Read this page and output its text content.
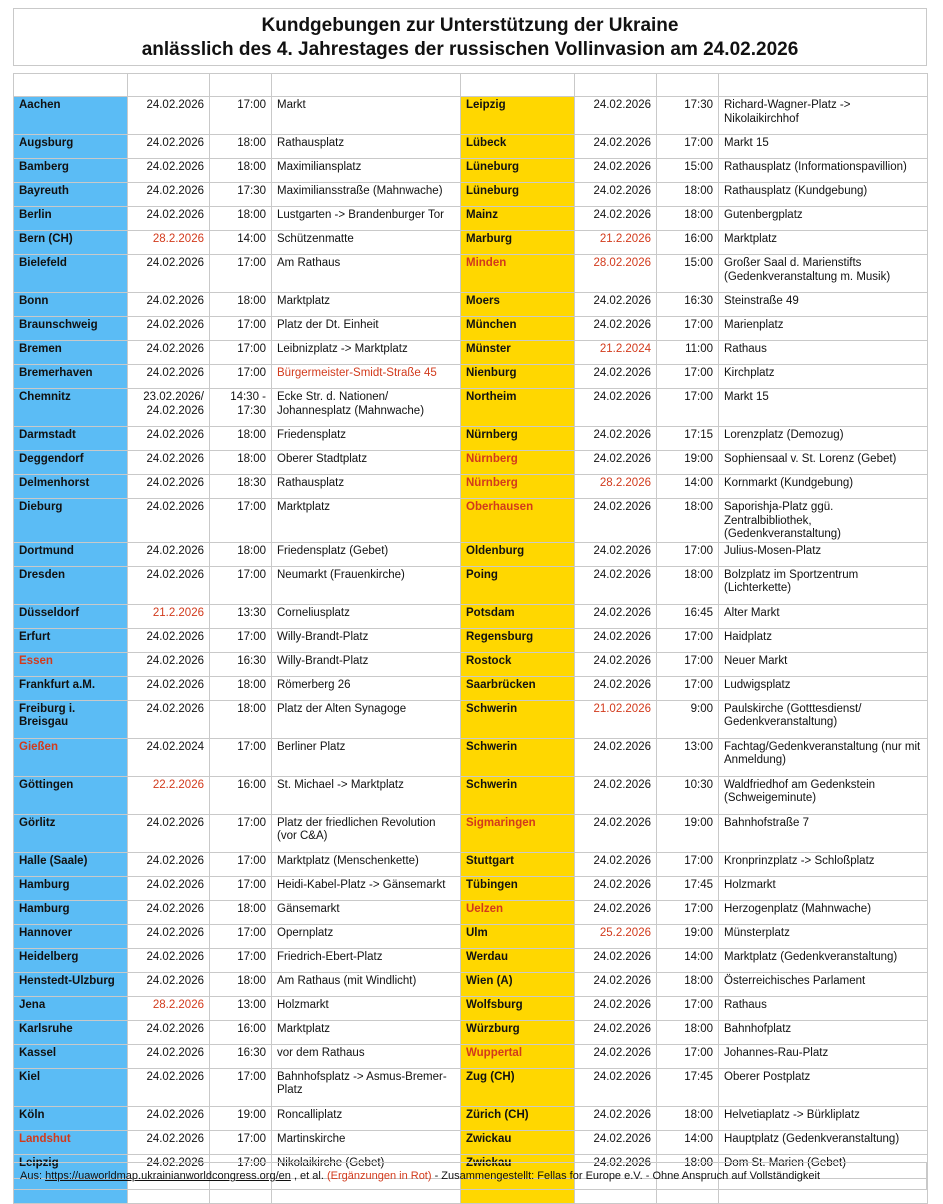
Kundgebungen zur Unterstützung der Ukraine
anlässlich des 4. Jahrestages der russischen Vollinvasion am 24.02.2026

Aachen	24.02.2026	17:00	Markt	Leipzig	24.02.2026	17:30	Richard-Wagner-Platz -> Nikolaikirchhof
Augsburg	24.02.2026	18:00	Rathausplatz	Lübeck	24.02.2026	17:00	Markt 15
Bamberg	24.02.2026	18:00	Maximiliansplatz	Lüneburg	24.02.2026	15:00	Rathausplatz (Informationspavillion)
Bayreuth	24.02.2026	17:30	Maximiliansstraße (Mahnwache)	Lüneburg	24.02.2026	18:00	Rathausplatz (Kundgebung)
Berlin	24.02.2026	18:00	Lustgarten -> Brandenburger Tor	Mainz	24.02.2026	18:00	Gutenbergplatz
Bern (CH)	28.2.2026	14:00	Schützenmatte	Marburg	21.2.2026	16:00	Marktplatz
Bielefeld	24.02.2026	17:00	Am Rathaus	Minden	28.02.2026	15:00	Großer Saal d. Marienstifts (Gedenkveranstaltung m. Musik)
Bonn	24.02.2026	18:00	Marktplatz	Moers	24.02.2026	16:30	Steinstraße 49
Braunschweig	24.02.2026	17:00	Platz der Dt. Einheit	München	24.02.2026	17:00	Marienplatz
Bremen	24.02.2026	17:00	Leibnizplatz -> Marktplatz	Münster	21.2.2024	11:00	Rathaus
Bremerhaven	24.02.2026	17:00	Bürgermeister-Smidt-Straße 45	Nienburg	24.02.2026	17:00	Kirchplatz
Chemnitz	23.02.2026/ 24.02.2026	14:30 - 17:30	Ecke Str. d. Nationen/ Johannesplatz (Mahnwache)	Northeim	24.02.2026	17:00	Markt 15
Darmstadt	24.02.2026	18:00	Friedensplatz	Nürnberg	24.02.2026	17:15	Lorenzplatz (Demozug)
Deggendorf	24.02.2026	18:00	Oberer Stadtplatz	Nürnberg	24.02.2026	19:00	Sophiensaal v. St. Lorenz (Gebet)
Delmenhorst	24.02.2026	18:30	Rathausplatz	Nürnberg	28.2.2026	14:00	Kornmarkt (Kundgebung)
Dieburg	24.02.2026	17:00	Marktplatz	Oberhausen	24.02.2026	18:00	Saporishja-Platz ggü. Zentralbibliothek, (Gedenkveranstaltung)
Dortmund	24.02.2026	18:00	Friedensplatz (Gebet)	Oldenburg	24.02.2026	17:00	Julius-Mosen-Platz
Dresden	24.02.2026	17:00	Neumarkt (Frauenkirche)	Poing	24.02.2026	18:00	Bolzplatz im Sportzentrum (Lichterkette)
Düsseldorf	21.2.2026	13:30	Corneliusplatz	Potsdam	24.02.2026	16:45	Alter Markt
Erfurt	24.02.2026	17:00	Willy-Brandt-Platz	Regensburg	24.02.2026	17:00	Haidplatz
Essen	24.02.2026	16:30	Willy-Brandt-Platz	Rostock	24.02.2026	17:00	Neuer Markt
Frankfurt a.M.	24.02.2026	18:00	Römerberg 26	Saarbrücken	24.02.2026	17:00	Ludwigsplatz
Freiburg i. Breisgau	24.02.2026	18:00	Platz der Alten Synagoge	Schwerin	21.02.2026	9:00	Paulskirche (Gotttesdienst/ Gedenkveranstaltung)
Gießen	24.02.2024	17:00	Berliner Platz	Schwerin	24.02.2026	13:00	Fachtag/Gedenkveranstaltung (nur mit Anmeldung)
Göttingen	22.2.2026	16:00	St. Michael -> Marktplatz	Schwerin	24.02.2026	10:30	Waldfriedhof am Gedenkstein (Schweigeminute)
Görlitz	24.02.2026	17:00	Platz der friedlichen Revolution (vor C&A)	Sigmaringen	24.02.2026	19:00	Bahnhofstraße 7
Halle (Saale)	24.02.2026	17:00	Marktplatz (Menschenkette)	Stuttgart	24.02.2026	17:00	Kronprinzplatz -> Schloßplatz
Hamburg	24.02.2026	17:00	Heidi-Kabel-Platz -> Gänsemarkt	Tübingen	24.02.2026	17:45	Holzmarkt
Hamburg	24.02.2026	18:00	Gänsemarkt	Uelzen	24.02.2026	17:00	Herzogenplatz (Mahnwache)
Hannover	24.02.2026	17:00	Opernplatz	Ulm	25.2.2026	19:00	Münsterplatz
Heidelberg	24.02.2026	17:00	Friedrich-Ebert-Platz	Werdau	24.02.2026	14:00	Marktplatz (Gedenkveranstaltung)
Henstedt-Ulzburg	24.02.2026	18:00	Am Rathaus (mit Windlicht)	Wien (A)	24.02.2026	18:00	Österreichisches Parlament
Jena	28.2.2026	13:00	Holzmarkt	Wolfsburg	24.02.2026	17:00	Rathaus
Karlsruhe	24.02.2026	16:00	Marktplatz	Würzburg	24.02.2026	18:00	Bahnhofplatz
Kassel	24.02.2026	16:30	vor dem Rathaus	Wuppertal	24.02.2026	17:00	Johannes-Rau-Platz
Kiel	24.02.2026	17:00	Bahnhofsplatz -> Asmus-Bremer-Platz	Zug (CH)	24.02.2026	17:45	Oberer Postplatz
Köln	24.02.2026	19:00	Roncalliplatz	Zürich (CH)	24.02.2026	18:00	Helvetiaplatz -> Bürkliplatz
Landshut	24.02.2026	17:00	Martinskirche	Zwickau	24.02.2026	14:00	Hauptplatz (Gedenkveranstaltung)
Leipzig	24.02.2026	17:00	Nikolaikirche (Gebet)	Zwickau	24.02.2026	18:00	Dom St. Marien (Gebet)

Aus: https://uaworldmap.ukrainianworldcongress.org/en , et al. (Ergänzungen in Rot) - Zusammengestellt: Fellas for Europe e.V. - Ohne Anspruch auf Vollständigkeit
